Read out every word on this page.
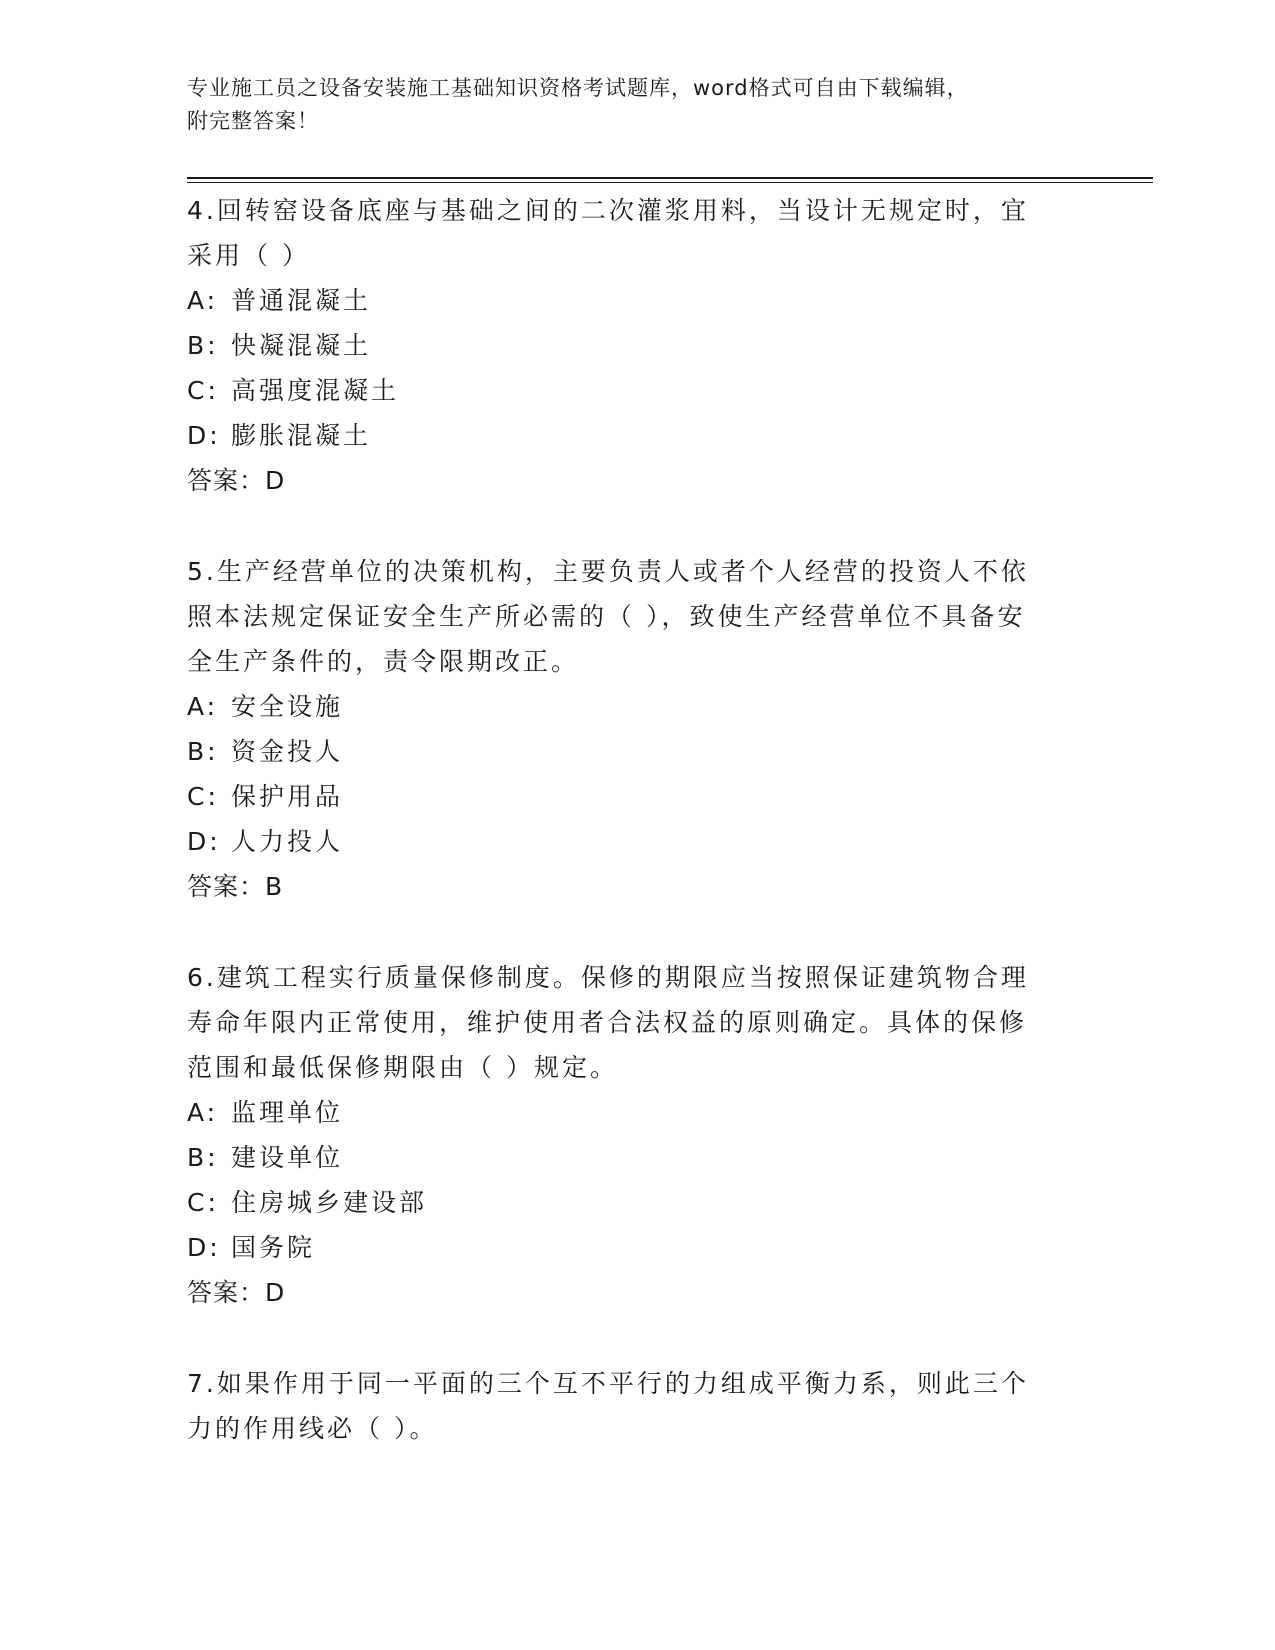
专业施工员之设备安装施工基础知识资格考试题库，word格式可自由下载编辑，
附完整答案！

4.回转窑设备底座与基础之间的二次灌浆用料，当设计无规定时，宜

采用（ ）

A: 普通混凝土
B: 快凝混凝土
C: 高强度混凝土
D: 膨胀混凝土

答案：D

5.生产经营单位的决策机构，主要负责人或者个人经营的投资人不依

照本法规定保证安全生产所必需的（ ），致使生产经营单位不具备安

全生产条件的，责令限期改正。

A: 安全设施
B: 资金投人
C: 保护用品
D: 人力投人

答案：B

6.建筑工程实行质量保修制度。保修的期限应当按照保证建筑物合理

寿命年限内正常使用，维护使用者合法权益的原则确定。具体的保修

范围和最低保修期限由（ ）规定。

A: 监理单位
B: 建设单位
C: 住房城乡建设部
D: 国务院

答案：D

7.如果作用于同一平面的三个互不平行的力组成平衡力系，则此三个

力的作用线必（ ）。
